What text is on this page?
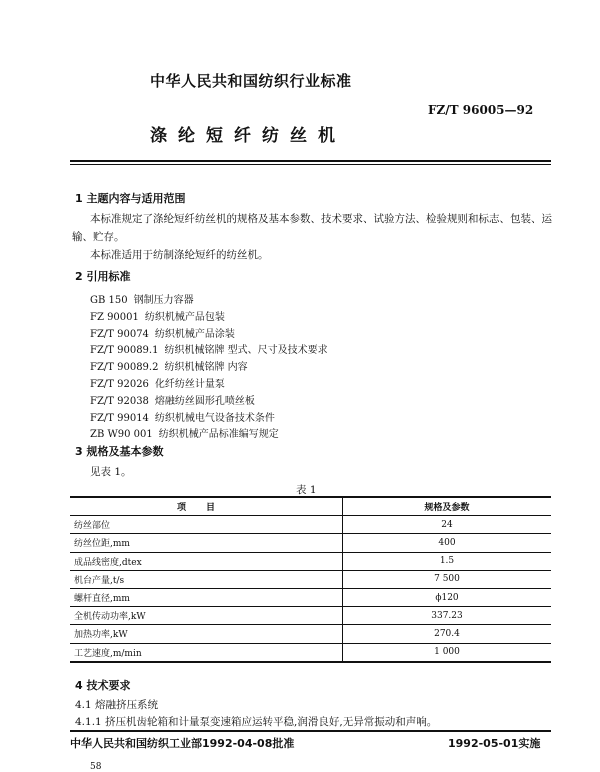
中华人民共和国纺织行业标准
FZ/T 96005—92
涤纶短纤纺丝机
1 主题内容与适用范围
本标准规定了涤纶短纤纺丝机的规格及基本参数、技术要求、试验方法、检验规则和标志、包装、运
输、贮存。
本标准适用于纺制涤纶短纤的纺丝机。
2 引用标准
GB 150 钢制压力容器
FZ 90001 纺织机械产品包装
FZ/T 90074 纺织机械产品涂装
FZ/T 90089.1 纺织机械铭牌 型式、尺寸及技术要求
FZ/T 90089.2 纺织机械铭牌 内容
FZ/T 92026 化纤纺丝计量泵
FZ/T 92038 熔融纺丝圆形孔喷丝板
FZ/T 99014 纺织机械电气设备技术条件
ZB W90 001 纺织机械产品标准编写规定
3 规格及基本参数
见表 1。
表 1
项目	规格及参数
纺丝部位	24
纺丝位距,mm	400
成品线密度,dtex	1.5
机台产量,t/s	7 500
螺杆直径,mm	ϕ120
全机传动功率,kW	337.23
加热功率,kW	270.4
工艺速度,m/min	1 000
4 技术要求
4.1 熔融挤压系统
4.1.1 挤压机齿轮箱和计量泵变速箱应运转平稳,润滑良好,无异常振动和声响。
中华人民共和国纺织工业部1992-04-08批准	1992-05-01实施
58
